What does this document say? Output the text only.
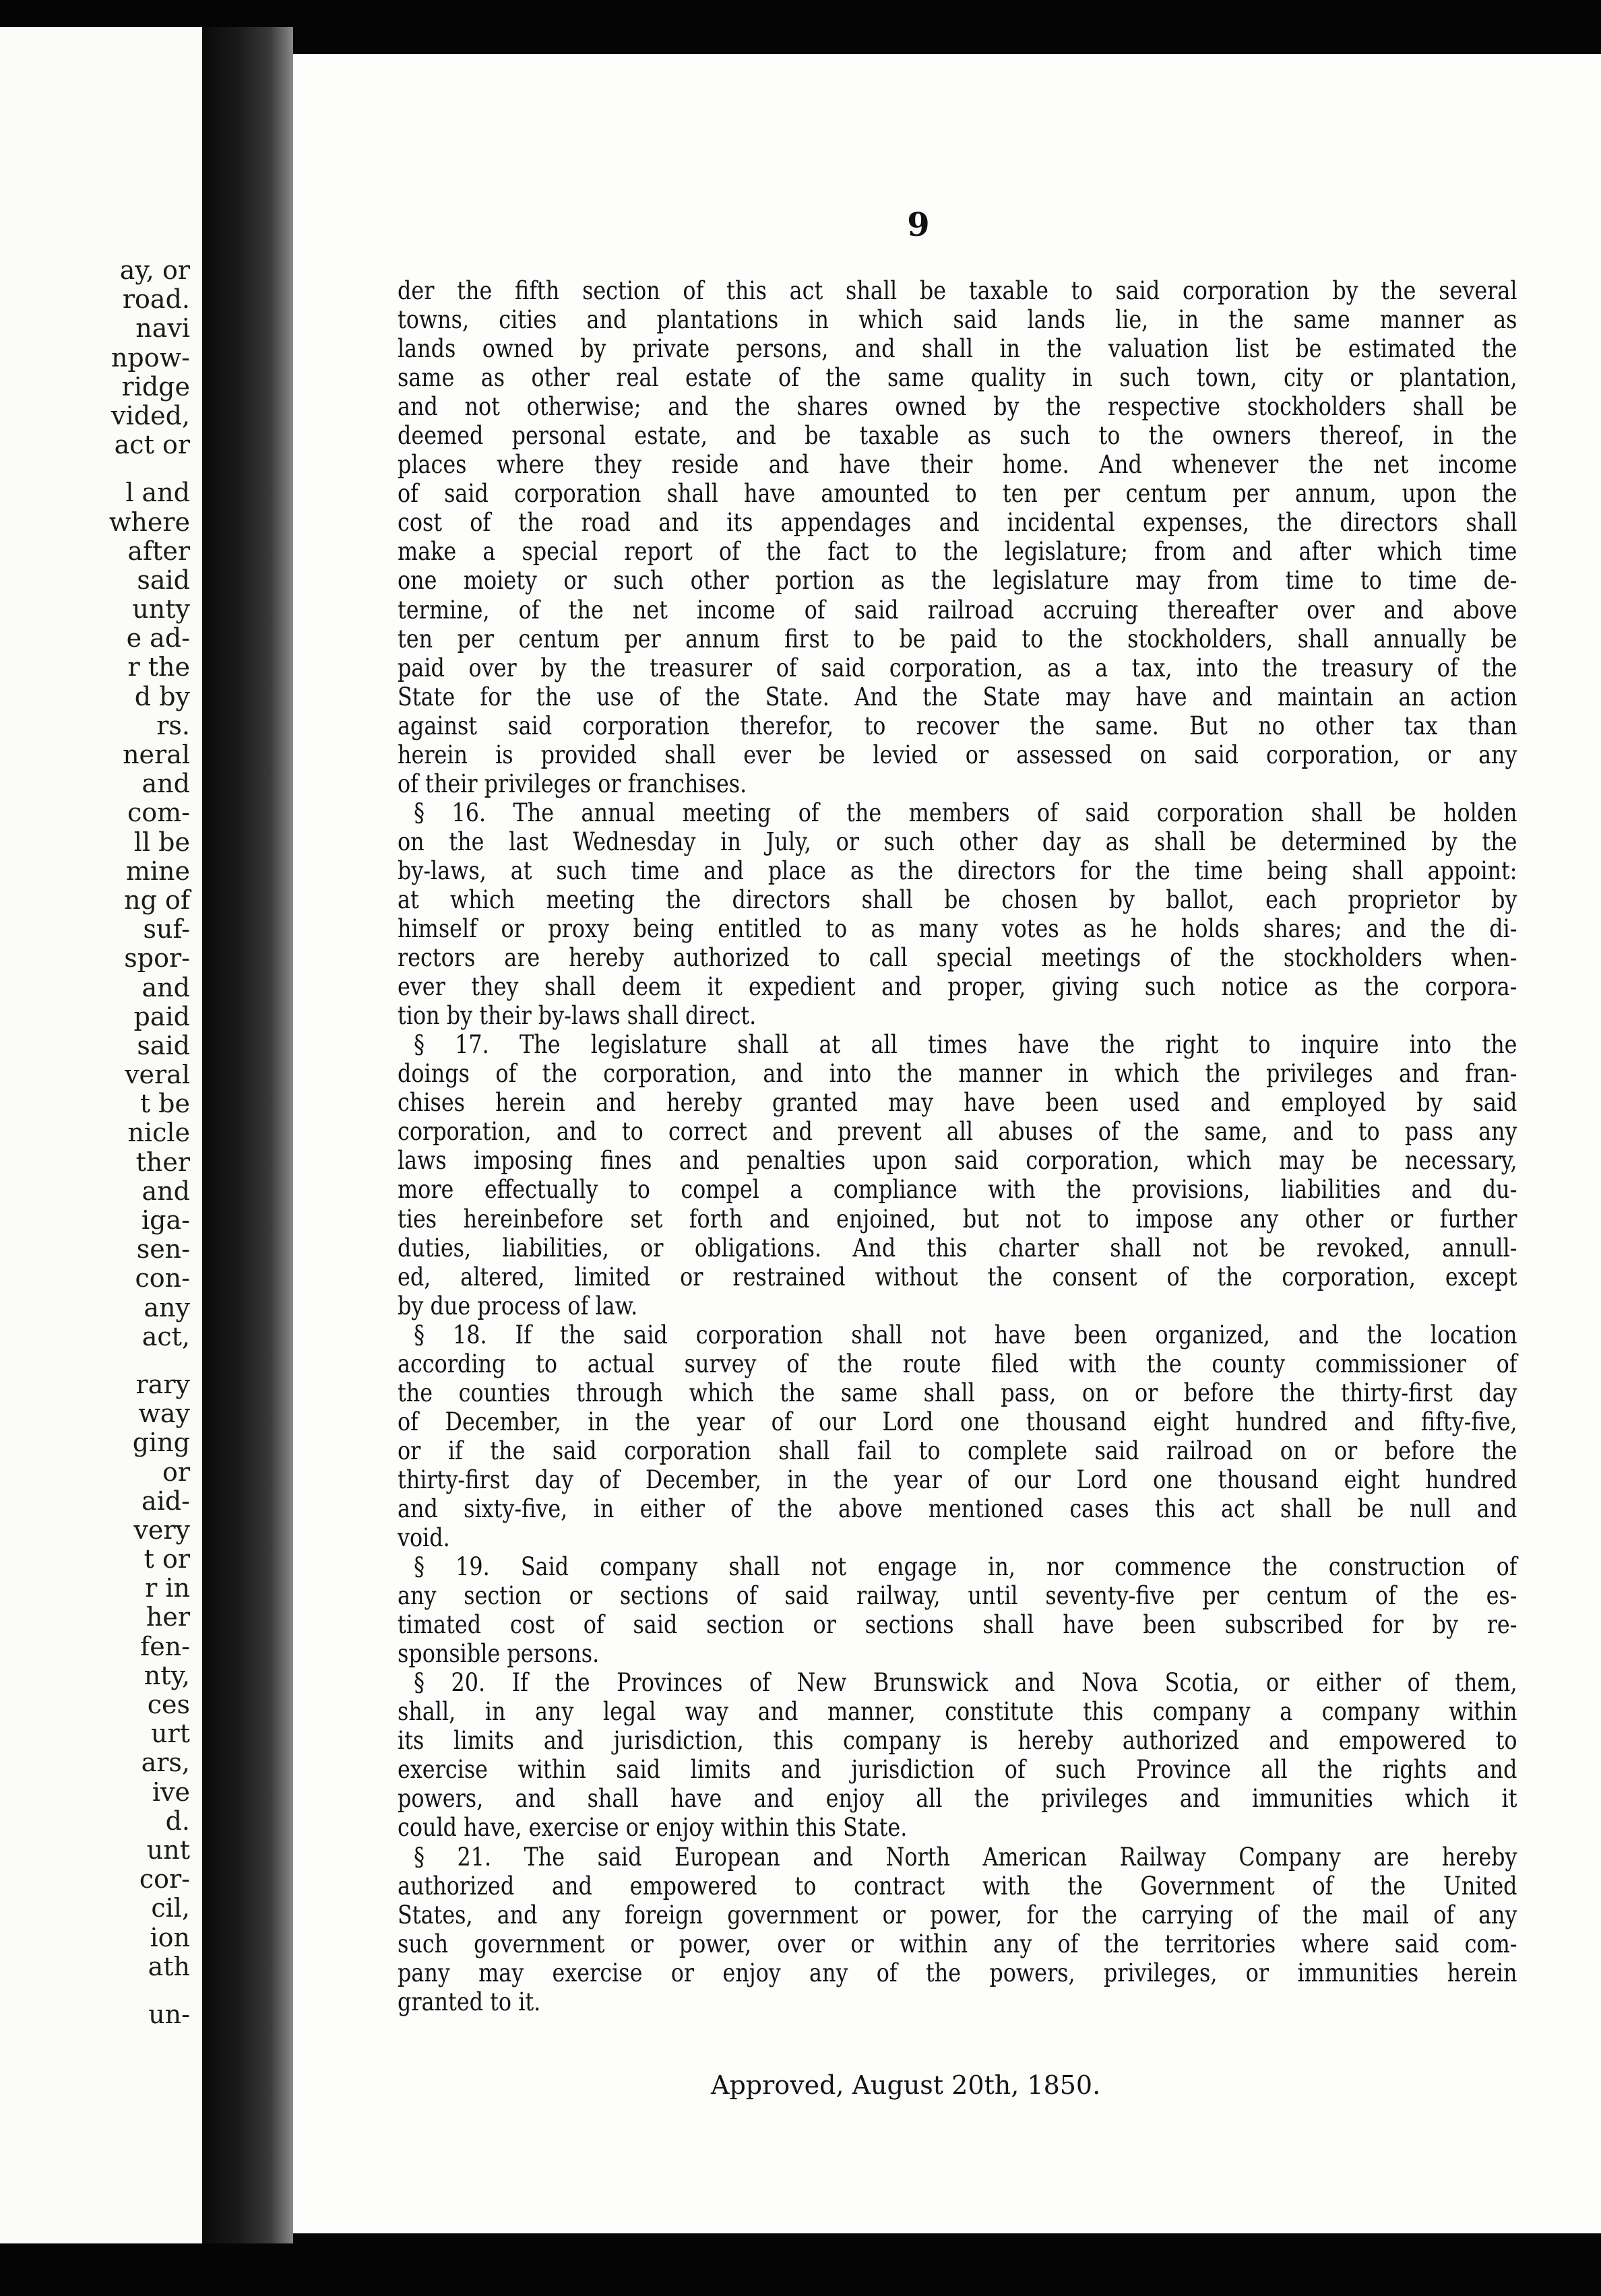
ay, or
road.
navi
npow-
ridge
vided,
act or
l and
where
after
said
unty
e ad-
r the
d by
rs.
neral
and
com-
ll be
mine
ng of
suf-
spor-
and
paid
said
veral
t be
nicle
ther
and
iga-
sen-
con-
any
act,
rary
way
ging
or
aid-
very
t or
r in
her
fen-
nty,
ces
urt
ars,
ive
d.
unt
cor-
cil,
ion
ath
un-
9
der the fifth section of this act shall be taxable to said corporation by the several
towns, cities and plantations in which said lands lie, in the same manner as
lands owned by private persons, and shall in the valuation list be estimated the
same as other real estate of the same quality in such town, city or plantation,
and not otherwise; and the shares owned by the respective stockholders shall be
deemed personal estate, and be taxable as such to the owners thereof, in the
places where they reside and have their home. And whenever the net income
of said corporation shall have amounted to ten per centum per annum, upon the
cost of the road and its appendages and incidental expenses, the directors shall
make a special report of the fact to the legislature; from and after which time
one moiety or such other portion as the legislature may from time to time de-
termine, of the net income of said railroad accruing thereafter over and above
ten per centum per annum first to be paid to the stockholders, shall annually be
paid over by the treasurer of said corporation, as a tax, into the treasury of the
State for the use of the State. And the State may have and maintain an action
against said corporation therefor, to recover the same. But no other tax than
herein is provided shall ever be levied or assessed on said corporation, or any
of their privileges or franchises.
§ 16. The annual meeting of the members of said corporation shall be holden
on the last Wednesday in July, or such other day as shall be determined by the
by-laws, at such time and place as the directors for the time being shall appoint:
at which meeting the directors shall be chosen by ballot, each proprietor by
himself or proxy being entitled to as many votes as he holds shares; and the di-
rectors are hereby authorized to call special meetings of the stockholders when-
ever they shall deem it expedient and proper, giving such notice as the corpora-
tion by their by-laws shall direct.
§ 17. The legislature shall at all times have the right to inquire into the
doings of the corporation, and into the manner in which the privileges and fran-
chises herein and hereby granted may have been used and employed by said
corporation, and to correct and prevent all abuses of the same, and to pass any
laws imposing fines and penalties upon said corporation, which may be necessary,
more effectually to compel a compliance with the provisions, liabilities and du-
ties hereinbefore set forth and enjoined, but not to impose any other or further
duties, liabilities, or obligations. And this charter shall not be revoked, annull-
ed, altered, limited or restrained without the consent of the corporation, except
by due process of law.
§ 18. If the said corporation shall not have been organized, and the location
according to actual survey of the route filed with the county commissioner of
the counties through which the same shall pass, on or before the thirty-first day
of December, in the year of our Lord one thousand eight hundred and fifty-five,
or if the said corporation shall fail to complete said railroad on or before the
thirty-first day of December, in the year of our Lord one thousand eight hundred
and sixty-five, in either of the above mentioned cases this act shall be null and
void.
§ 19. Said company shall not engage in, nor commence the construction of
any section or sections of said railway, until seventy-five per centum of the es-
timated cost of said section or sections shall have been subscribed for by re-
sponsible persons.
§ 20. If the Provinces of New Brunswick and Nova Scotia, or either of them,
shall, in any legal way and manner, constitute this company a company within
its limits and jurisdiction, this company is hereby authorized and empowered to
exercise within said limits and jurisdiction of such Province all the rights and
powers, and shall have and enjoy all the privileges and immunities which it
could have, exercise or enjoy within this State.
§ 21. The said European and North American Railway Company are hereby
authorized and empowered to contract with the Government of the United
States, and any foreign government or power, for the carrying of the mail of any
such government or power, over or within any of the territories where said com-
pany may exercise or enjoy any of the powers, privileges, or immunities herein
granted to it.
Approved, August 20th, 1850.
